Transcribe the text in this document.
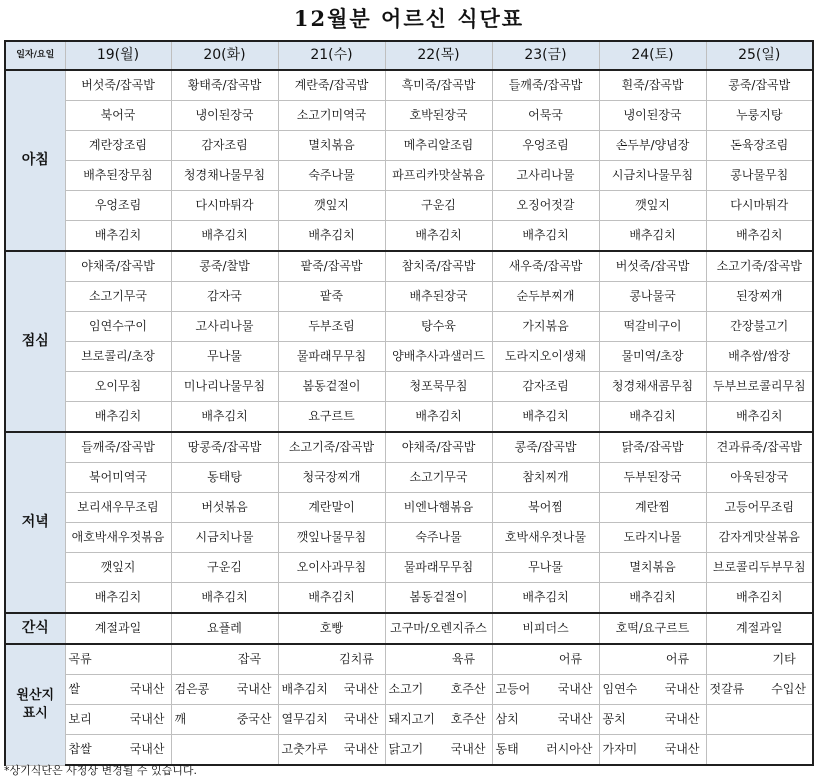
12월분 어르신 식단표
일자/요일	19(월)	20(화)	21(수)	22(목)	23(금)	24(토)	25(일)
아침	버섯죽/잡곡밥	황태죽/잡곡밥	계란죽/잡곡밥	흑미죽/잡곡밥	들깨죽/잡곡밥	흰죽/잡곡밥	콩죽/잡곡밥
	북어국	냉이된장국	소고기미역국	호박된장국	어묵국	냉이된장국	누룽지탕
	계란장조림	감자조림	멸치볶음	메추리알조림	우엉조림	손두부/양념장	돈육장조림
	배추된장무침	청경채나물무침	숙주나물	파프리카맛살볶음	고사리나물	시금치나물무침	콩나물무침
	우엉조림	다시마튀각	깻잎지	구운김	오징어젓갈	깻잎지	다시마튀각
	배추김치	배추김치	배추김치	배추김치	배추김치	배추김치	배추김치
점심	야채죽/잡곡밥	콩죽/찰밥	팥죽/잡곡밥	참치죽/잡곡밥	새우죽/잡곡밥	버섯죽/잡곡밥	소고기죽/잡곡밥
	소고기무국	감자국	팥죽	배추된장국	순두부찌개	콩나물국	된장찌개
	임연수구이	고사리나물	두부조림	탕수육	가지볶음	떡갈비구이	간장불고기
	브로콜리/초장	무나물	물파래무무침	양배추사과샐러드	도라지오이생채	물미역/초장	배추쌈/쌈장
	오이무침	미나리나물무침	봄동겉절이	청포묵무침	감자조림	청경채새콤무침	두부브로콜리무침
	배추김치	배추김치	요구르트	배추김치	배추김치	배추김치	배추김치
저녁	들깨죽/잡곡밥	땅콩죽/잡곡밥	소고기죽/잡곡밥	야채죽/잡곡밥	콩죽/잡곡밥	닭죽/잡곡밥	견과류죽/잡곡밥
	북어미역국	동태탕	청국장찌개	소고기무국	참치찌개	두부된장국	아욱된장국
	보리새우무조림	버섯볶음	계란말이	비엔나햄볶음	북어찜	계란찜	고등어무조림
	애호박새우젓볶음	시금치나물	깻잎나물무침	숙주나물	호박새우젓나물	도라지나물	감자게맛살볶음
	깻잎지	구운김	오이사과무침	물파래무무침	무나물	멸치볶음	브로콜리두부무침
	배추김치	배추김치	배추김치	봄동겉절이	배추김치	배추김치	배추김치
간식	계절과일	요플레	호빵	고구마/오렌지쥬스	비피더스	호떡/요구르트	계절과일

원산지
표시	곡류	잡곡	김치류	육류	어류	어류	기타

	쌀 국내산	검은콩 국내산	배추김치 국내산	소고기 호주산	고등어 국내산	임연수 국내산	젓갈류 수입산

	보리 국내산	깨 중국산	열무김치 국내산	돼지고기 호주산	삼치 국내산	꽁치 국내산	

	찹쌀 국내산		고춧가루 국내산	닭고기 국내산	동태 러시아산	가자미 국내산	

*상기식단은 사정상 변경될 수 있습니다.
